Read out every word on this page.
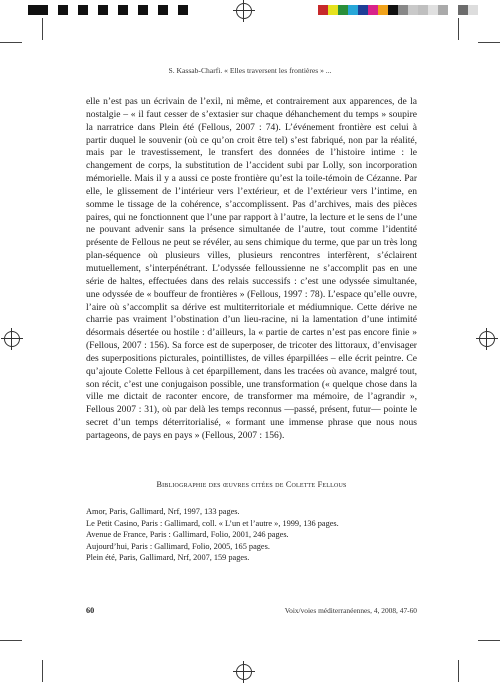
S. Kassab-Charfi. « Elles traversent les frontières » ...

elle n’est pas un écrivain de l’exil, ni même, et contrairement aux apparences, de la nostalgie – « il faut cesser de s’extasier sur chaque déhanchement du temps » soupire la narratrice dans Plein été (Fellous, 2007 : 74). L’événement frontière est celui à partir duquel le souvenir (où ce qu’on croit être tel) s’est fabriqué, non par la réalité, mais par le travestissement, le transfert des données de l’histoire intime : le changement de corps, la substitution de l’accident subi par Lolly, son incorporation mémorielle. Mais il y a aussi ce poste frontière qu’est la toile-témoin de Cézanne. Par elle, le glissement de l’intérieur vers l’extérieur, et de l’extérieur vers l’intime, en somme le tissage de la cohérence, s’accomplissent. Pas d’archives, mais des pièces paires, qui ne fonctionnent que l’une par rapport à l’autre, la lecture et le sens de l’une ne pouvant advenir sans la présence simultanée de l’autre, tout comme l’identité présente de Fellous ne peut se révéler, au sens chimique du terme, que par un très long plan-séquence où plusieurs villes, plusieurs rencontres interfèrent, s’éclairent mutuellement, s’interpénétrant. L’odyssée felloussienne ne s’accomplit pas en une série de haltes, effectuées dans des relais successifs : c’est une odyssée simultanée, une odyssée de « bouffeur de frontières » (Fellous, 1997 : 78). L’espace qu’elle ouvre, l’aire où s’accomplit sa dérive est multiterritoriale et médiumnique. Cette dérive ne charrie pas vraiment l’obstination d’un lieu-racine, ni la lamentation d’une intimité désormais désertée ou hostile : d’ailleurs, la « partie de cartes n’est pas encore finie » (Fellous, 2007 : 156). Sa force est de superposer, de tricoter des littoraux, d’envisager des superpositions picturales, pointillistes, de villes éparpillées – elle écrit peintre. Ce qu’ajoute Colette Fellous à cet éparpillement, dans les tracées où avance, malgré tout, son récit, c’est une conjugaison possible, une transformation (« quelque chose dans la ville me dictait de raconter encore, de transformer ma mémoire, de l’agrandir », Fellous 2007 : 31), où par delà les temps reconnus —passé, présent, futur— pointe le secret d’un temps déterritorialisé, « formant une immense phrase que nous nous partageons, de pays en pays » (Fellous, 2007 : 156).

Bibliographie des œuvres citées de Colette Fellous
Amor, Paris, Gallimard, Nrf, 1997, 133 pages.
Le Petit Casino, Paris : Gallimard, coll. « L’un et l’autre », 1999, 136 pages.
Avenue de France, Paris : Gallimard, Folio, 2001, 246 pages.
Aujourd’hui, Paris : Gallimard, Folio, 2005, 165 pages.
Plein été, Paris, Gallimard, Nrf, 2007, 159 pages.
60	Voix/voies méditerranéennes, 4, 2008, 47-60
